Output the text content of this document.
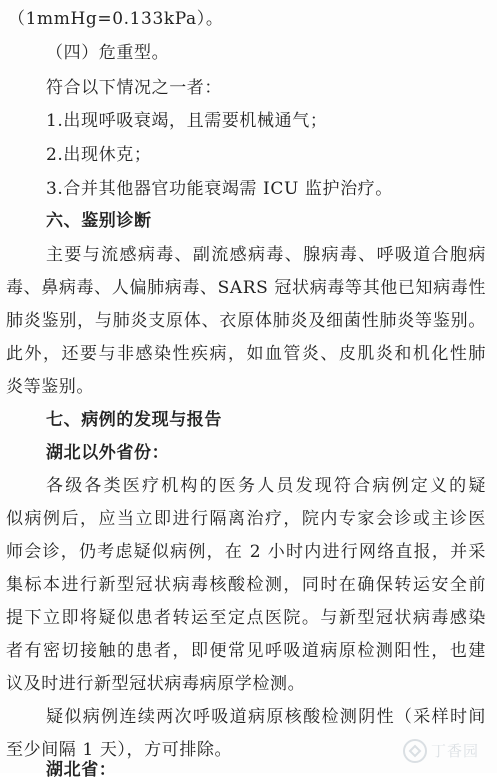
（1mmHg=0.133kPa）。
（四）危重型。
符合以下情况之一者：
1.出现呼吸衰竭，且需要机械通气；
2.出现休克；
3.合并其他器官功能衰竭需 ICU 监护治疗。
六、鉴别诊断
主要与流感病毒、副流感病毒、腺病毒、呼吸道合胞病
毒、鼻病毒、人偏肺病毒、SARS 冠状病毒等其他已知病毒性
肺炎鉴别，与肺炎支原体、衣原体肺炎及细菌性肺炎等鉴别。
此外，还要与非感染性疾病，如血管炎、皮肌炎和机化性肺
炎等鉴别。
七、病例的发现与报告
湖北以外省份：
各级各类医疗机构的医务人员发现符合病例定义的疑
似病例后，应当立即进行隔离治疗，院内专家会诊或主诊医
师会诊，仍考虑疑似病例，在 2 小时内进行网络直报，并采
集标本进行新型冠状病毒核酸检测，同时在确保转运安全前
提下立即将疑似患者转运至定点医院。与新型冠状病毒感染
者有密切接触的患者，即便常见呼吸道病原检测阳性，也建
议及时进行新型冠状病毒病原学检测。
疑似病例连续两次呼吸道病原核酸检测阴性（采样时间
至少间隔 1 天），方可排除。
湖北省：
丁香园
